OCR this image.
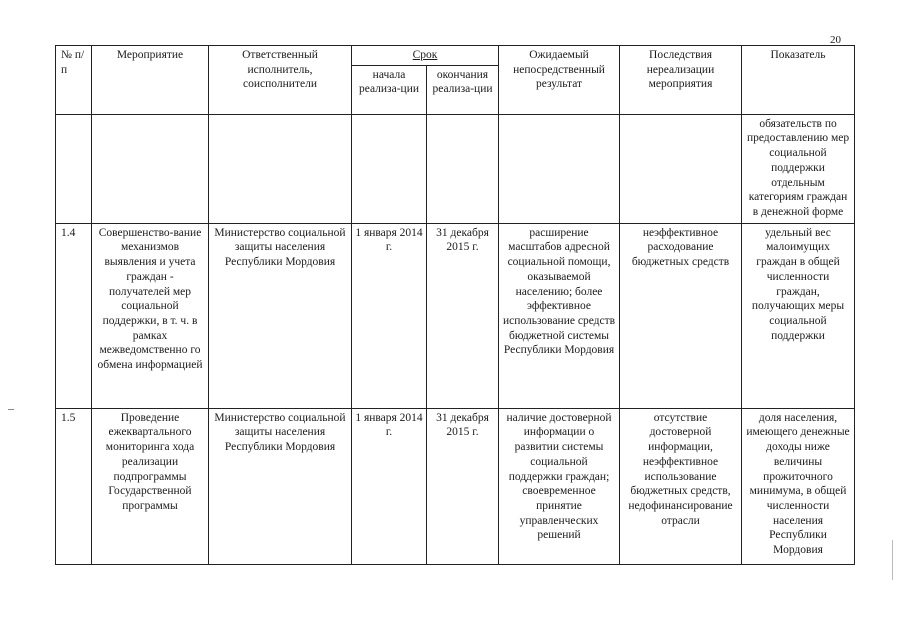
20
№ п/п	Мероприятие	Ответственный исполнитель, соисполнители	Срок		Ожидаемый непосредственный результат	Последствия нереализации мероприятия	Показатель
			начала реализа-ции	окончания реализа-ции			
							обязательств по предоставлению мер социальной поддержки отдельным категориям граждан в денежной форме
1.4	Совершенство-вание механизмов выявления и учета граждан - получателей мер социальной поддержки, в т. ч. в рамках межведомственно го обмена информацией	Министерство социальной защиты населения Республики Мордовия	1 января 2014 г.	31 декабря 2015 г.	расширение масштабов адресной социальной помощи, оказываемой населению; более эффективное использование средств бюджетной системы Республики Мордовия	неэффективное расходование бюджетных средств	удельный вес малоимущих граждан в общей численности граждан, получающих меры социальной поддержки
1.5	Проведение ежеквартального мониторинга хода реализации подпрограммы Государственной программы	Министерство социальной защиты населения Республики Мордовия	1 января 2014 г.	31 декабря 2015 г.	наличие достоверной информации о развитии системы социальной поддержки граждан; своевременное принятие управленческих решений	отсутствие достоверной информации, неэффективное использование бюджетных средств, недофинансирование отрасли	доля населения, имеющего денежные доходы ниже величины прожиточного минимума, в общей численности населения Республики Мордовия
